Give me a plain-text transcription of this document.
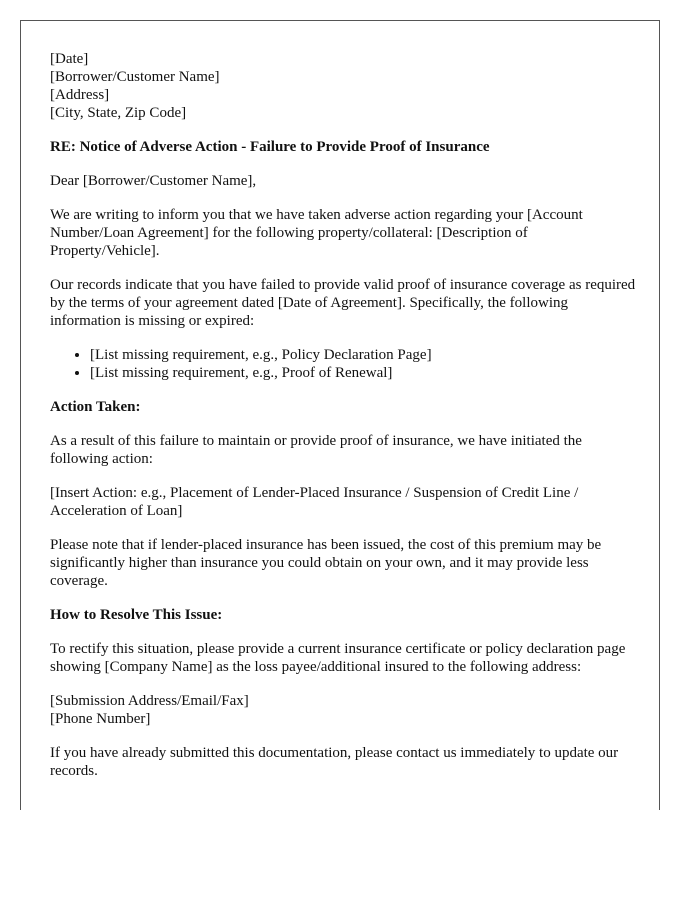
[Date]
[Borrower/Customer Name]
[Address]
[City, State, Zip Code]
RE: Notice of Adverse Action - Failure to Provide Proof of Insurance

Dear [Borrower/Customer Name],

We are writing to inform you that we have taken adverse action regarding your [Account Number/Loan Agreement] for the following property/collateral: [Description of Property/Vehicle].

Our records indicate that you have failed to provide valid proof of insurance coverage as required by the terms of your agreement dated [Date of Agreement]. Specifically, the following information is missing or expired:

• [List missing requirement, e.g., Policy Declaration Page]
• [List missing requirement, e.g., Proof of Renewal]
Action Taken:

As a result of this failure to maintain or provide proof of insurance, we have initiated the following action:

[Insert Action: e.g., Placement of Lender-Placed Insurance / Suspension of Credit Line / Acceleration of Loan]

Please note that if lender-placed insurance has been issued, the cost of this premium may be significantly higher than insurance you could obtain on your own, and it may provide less coverage.

How to Resolve This Issue:

To rectify this situation, please provide a current insurance certificate or policy declaration page showing [Company Name] as the loss payee/additional insured to the following address:

[Submission Address/Email/Fax]
[Phone Number]

If you have already submitted this documentation, please contact us immediately to update our records.
